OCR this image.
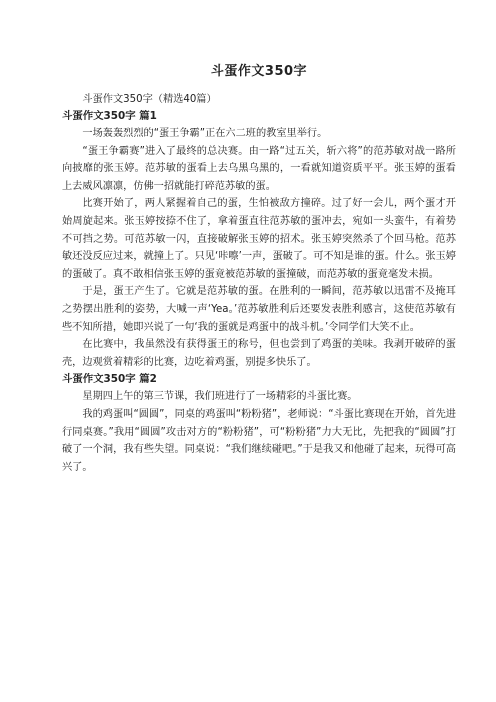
斗蛋作文350字

斗蛋作文350字（精选40篇）

斗蛋作文350字 篇1

一场轰轰烈烈的“蛋王争霸”正在六二班的教室里举行。

“蛋王争霸赛”进入了最终的总决赛。由一路“过五关，斩六将”的范苏敏对战一路所向披靡的张玉婷。范苏敏的蛋看上去乌黑乌黑的，一看就知道资质平平。张玉婷的蛋看上去威风凛凛，仿佛一招就能打碎范苏敏的蛋。

比赛开始了，两人紧握着自己的蛋，生怕被敌方撞碎。过了好一会儿，两个蛋才开始周旋起来。张玉婷按捺不住了，拿着蛋直往范苏敏的蛋冲去，宛如一头蛮牛，有着势不可挡之势。可范苏敏一闪，直接破解张玉婷的招术。张玉婷突然杀了个回马枪。范苏敏还没反应过来，就撞上了。只见‘咔嚓’一声，蛋破了。可不知是谁的蛋。什么。张玉婷的蛋破了。真不敢相信张玉婷的蛋竟被范苏敏的蛋撞破，而范苏敏的蛋竟毫发未损。

于是，蛋王产生了。它就是范苏敏的蛋。在胜利的一瞬间，范苏敏以迅雷不及掩耳之势摆出胜利的姿势，大喊一声‘Yea。’范苏敏胜利后还要发表胜利感言，这使范苏敏有些不知所措，她即兴说了一句‘我的蛋就是鸡蛋中的战斗机。’令同学们大笑不止。

在比赛中，我虽然没有获得蛋王的称号，但也尝到了鸡蛋的美味。我剥开破碎的蛋壳，边观赏着精彩的比赛，边吃着鸡蛋，别提多快乐了。

斗蛋作文350字 篇2

星期四上午的第三节课，我们班进行了一场精彩的斗蛋比赛。

我的鸡蛋叫“圆圆”，同桌的鸡蛋叫“粉粉猪”，老师说：“斗蛋比赛现在开始，首先进行同桌赛。”我用“圆圆”攻击对方的“粉粉猪”，可“粉粉猪”力大无比，先把我的“圆圆”打破了一个洞，我有些失望。同桌说：“我们继续碰吧。”于是我又和他碰了起来，玩得可高兴了。
